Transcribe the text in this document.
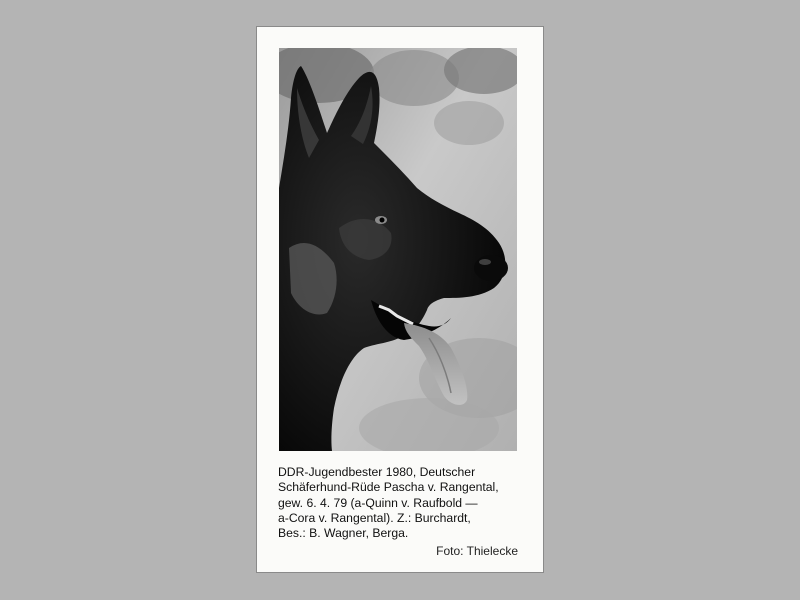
DDR-Jugendbester 1980, Deutscher
Schäferhund-Rüde Pascha v. Rangental,
gew. 6. 4. 79 (a-Quinn v. Raufbold —
a-Cora v. Rangental). Z.: Burchardt,
Bes.: B. Wagner, Berga.

Foto: Thielecke
